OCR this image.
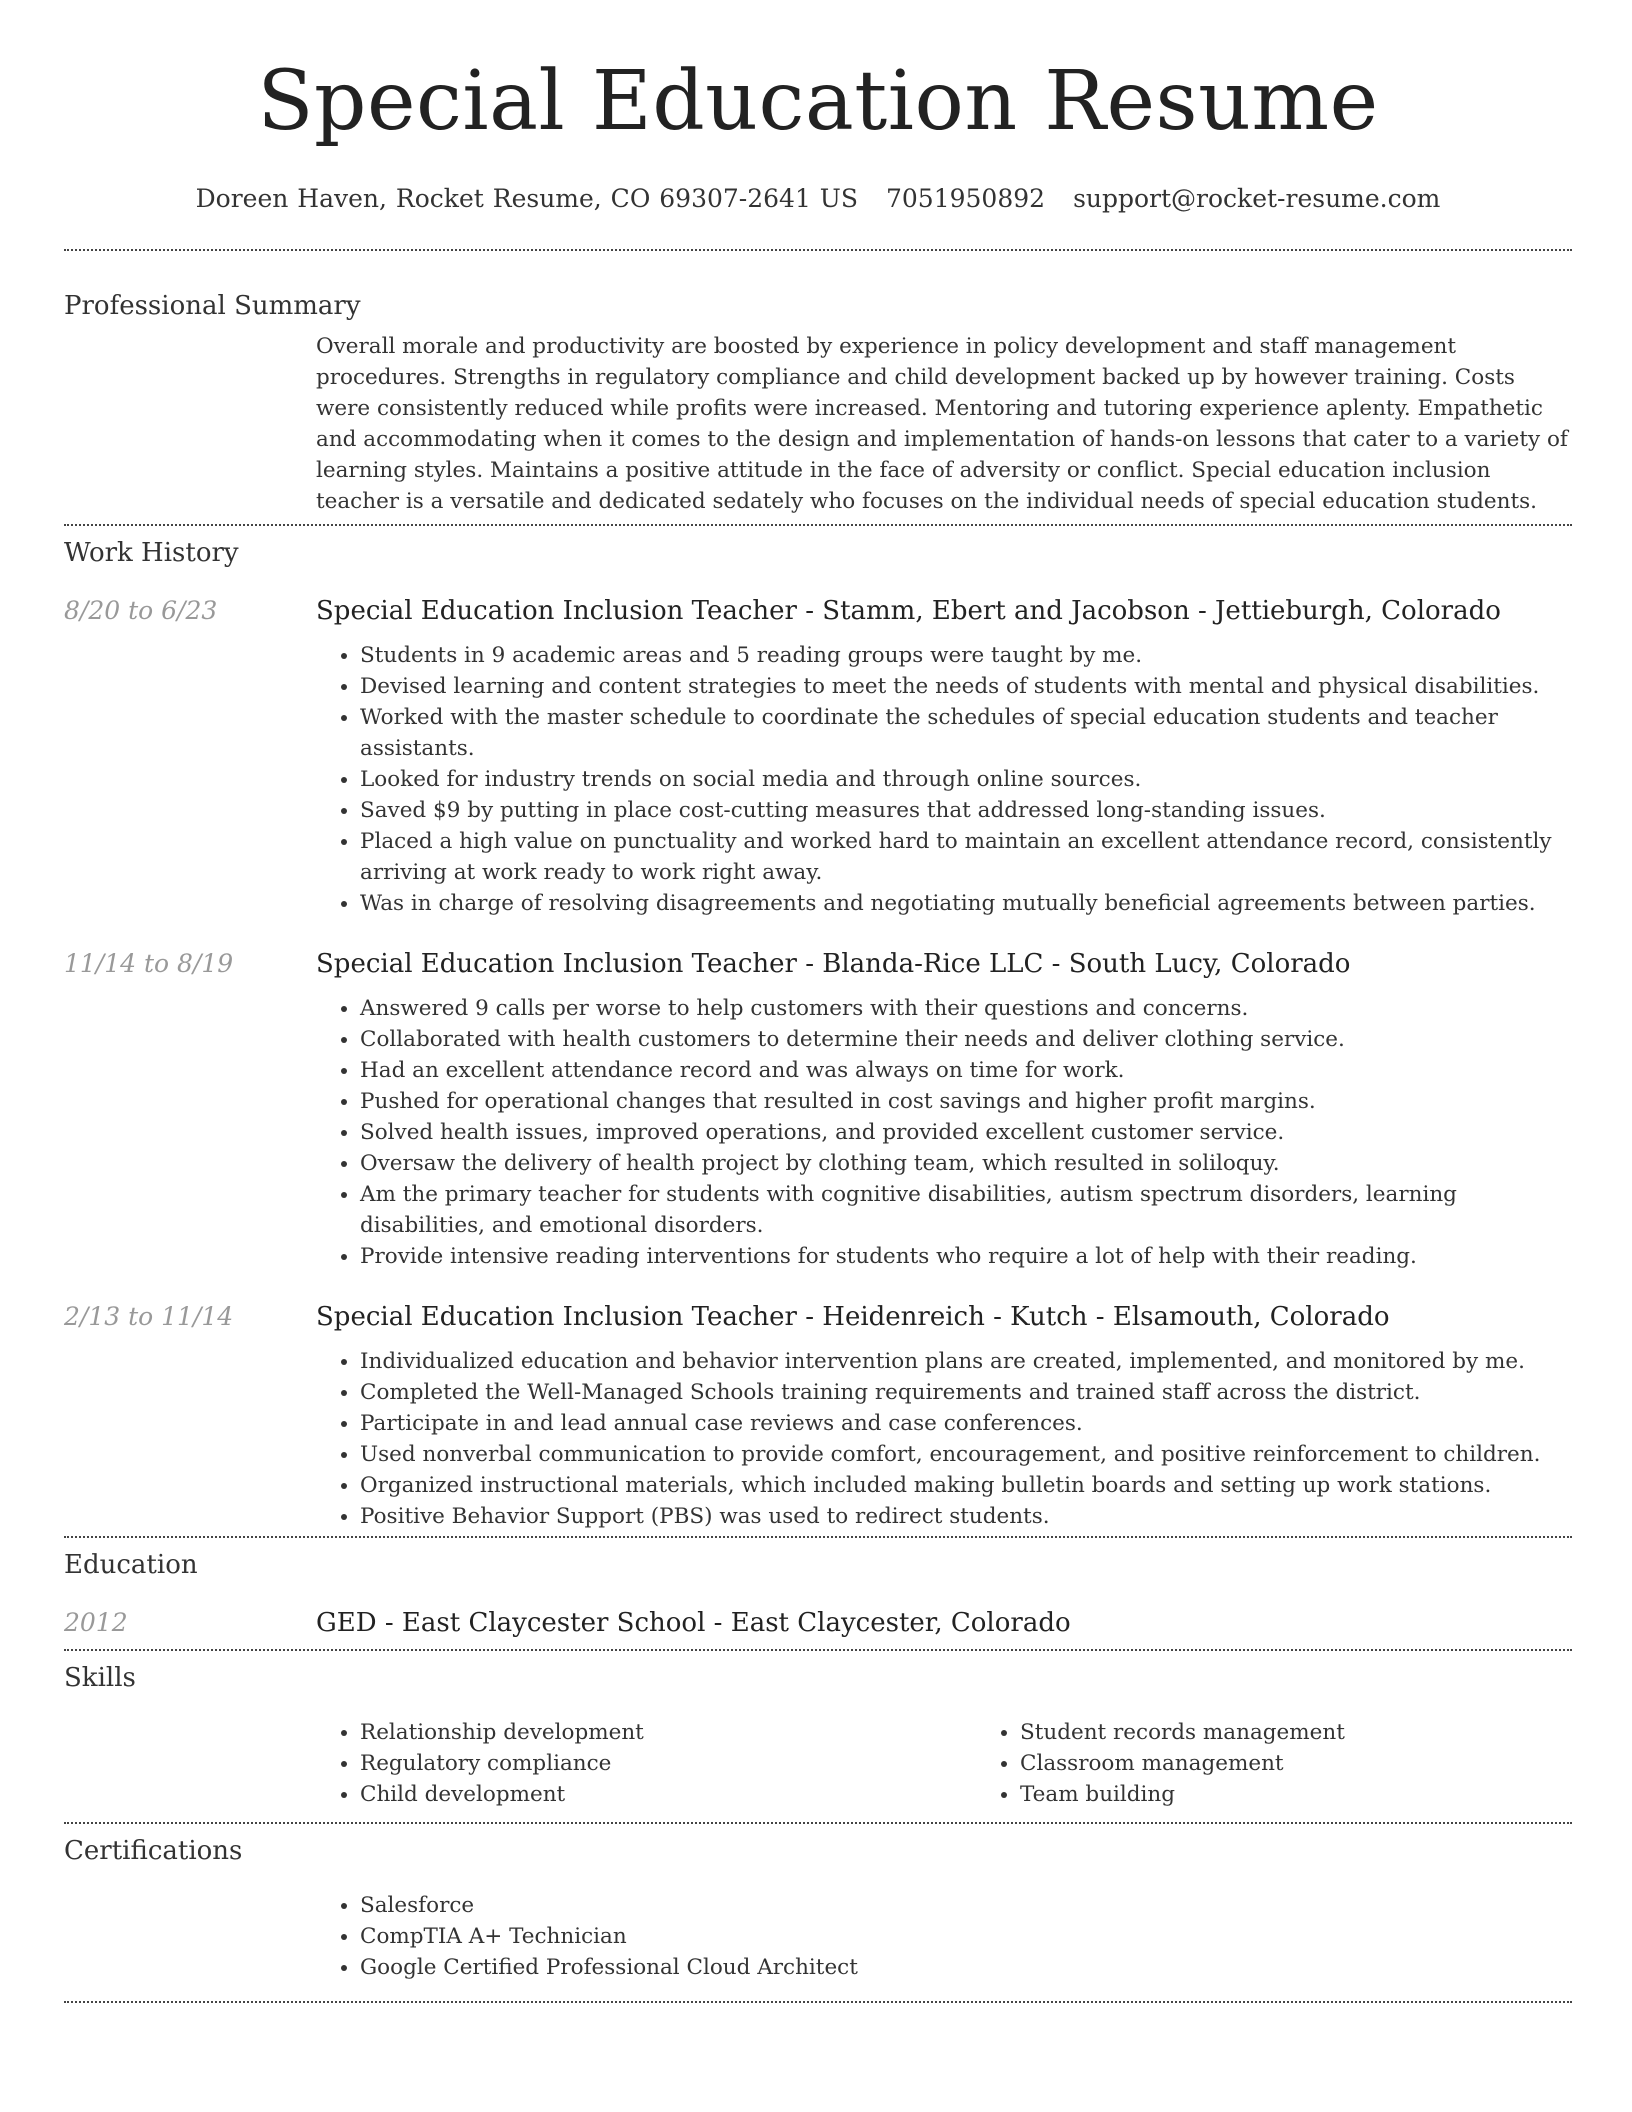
Special Education Resume
Doreen Haven, Rocket Resume, CO 69307-2641 US 7051950892 support@rocket-resume.com
Professional Summary

Overall morale and productivity are boosted by experience in policy development and staff management procedures. Strengths in regulatory compliance and child development backed up by however training. Costs were consistently reduced while profits were increased. Mentoring and tutoring experience aplenty. Empathetic and accommodating when it comes to the design and implementation of hands-on lessons that cater to a variety of learning styles. Maintains a positive attitude in the face of adversity or conflict. Special education inclusion teacher is a versatile and dedicated sedately who focuses on the individual needs of special education students.

Work History
8/20 to 6/23	Special Education Inclusion Teacher - Stamm, Ebert and Jacobson - Jettieburgh, Colorado
• Students in 9 academic areas and 5 reading groups were taught by me.
• Devised learning and content strategies to meet the needs of students with mental and physical disabilities.
• Worked with the master schedule to coordinate the schedules of special education students and teacher assistants.
• Looked for industry trends on social media and through online sources.
• Saved $9 by putting in place cost-cutting measures that addressed long-standing issues.
• Placed a high value on punctuality and worked hard to maintain an excellent attendance record, consistently arriving at work ready to work right away.
• Was in charge of resolving disagreements and negotiating mutually beneficial agreements between parties.
11/14 to 8/19	Special Education Inclusion Teacher - Blanda-Rice LLC - South Lucy, Colorado
• Answered 9 calls per worse to help customers with their questions and concerns.
• Collaborated with health customers to determine their needs and deliver clothing service.
• Had an excellent attendance record and was always on time for work.
• Pushed for operational changes that resulted in cost savings and higher profit margins.
• Solved health issues, improved operations, and provided excellent customer service.
• Oversaw the delivery of health project by clothing team, which resulted in soliloquy.
• Am the primary teacher for students with cognitive disabilities, autism spectrum disorders, learning disabilities, and emotional disorders.
• Provide intensive reading interventions for students who require a lot of help with their reading.
2/13 to 11/14	Special Education Inclusion Teacher - Heidenreich - Kutch - Elsamouth, Colorado
• Individualized education and behavior intervention plans are created, implemented, and monitored by me.
• Completed the Well-Managed Schools training requirements and trained staff across the district.
• Participate in and lead annual case reviews and case conferences.
• Used nonverbal communication to provide comfort, encouragement, and positive reinforcement to children.
• Organized instructional materials, which included making bulletin boards and setting up work stations.
• Positive Behavior Support (PBS) was used to redirect students.
Education
2012	GED - East Claycester School - East Claycester, Colorado
Skills
• Relationship development
• Regulatory compliance
• Child development
• Student records management
• Classroom management
• Team building
Certifications
• Salesforce
• CompTIA A+ Technician
• Google Certified Professional Cloud Architect
